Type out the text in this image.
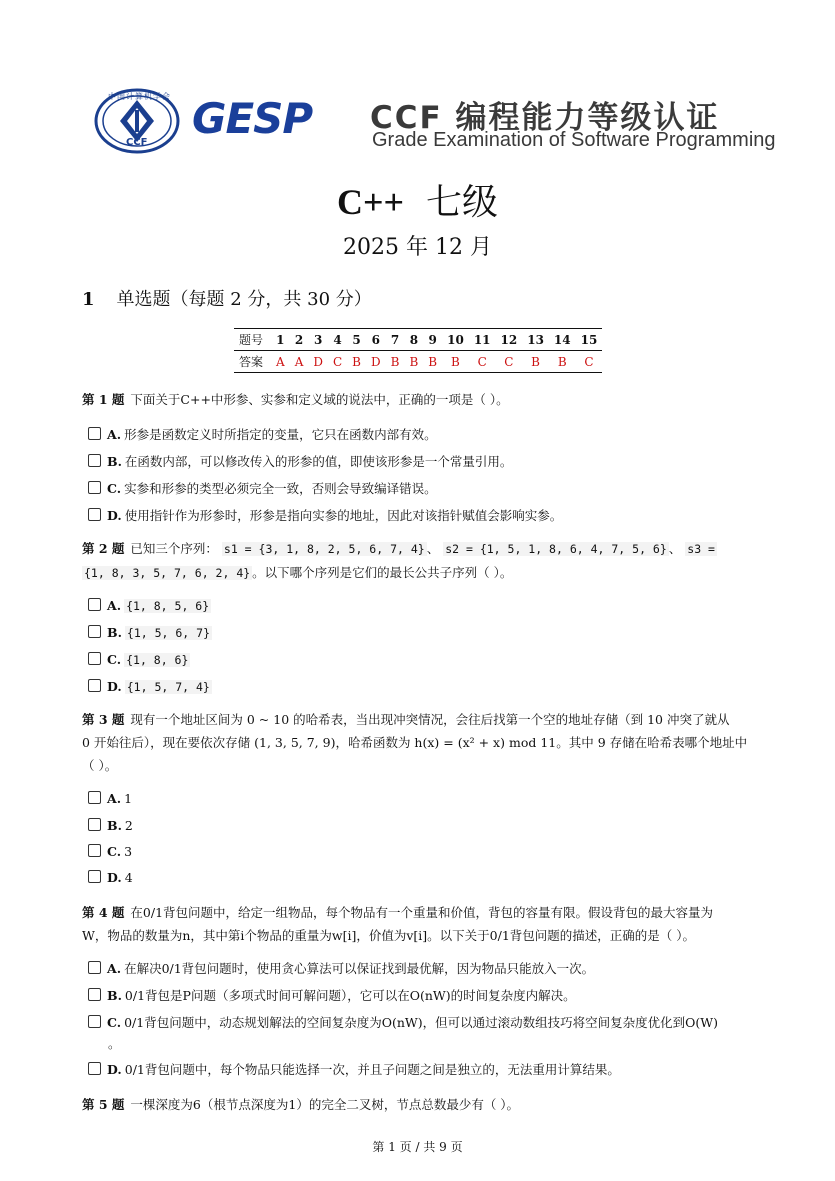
中国计算机学会
CCF GESP	CCF 编程能力等级认证
Grade Examination of Software Programming
C++ 七级
2025 年 12 月
1 单选题（每题 2 分，共 30 分）
题号	1	2	3	4	5	6	7	8	9	10	11	12	13	14	15
答案	A	A	D	C	B	D	B	B	B	B	C	C	B	B	C
第 1 题 下面关于C++中形参、实参和定义域的说法中，正确的一项是（ ）。
A. 形参是函数定义时所指定的变量，它只在函数内部有效。
B. 在函数内部，可以修改传入的形参的值，即使该形参是一个常量引用。
C. 实参和形参的类型必须完全一致，否则会导致编译错误。
D. 使用指针作为形参时，形参是指向实参的地址，因此对该指针赋值会影响实参。
第 2 题 已知三个序列： s1 = {3, 1, 8, 2, 5, 6, 7, 4} 、 s2 = {1, 5, 1, 8, 6, 4, 7, 5, 6} 、 s3 =
{1, 8, 3, 5, 7, 6, 2, 4} 。以下哪个序列是它们的最长公共子序列（ ）。
A. {1, 8, 5, 6}
B. {1, 5, 6, 7}
C. {1, 8, 6}
D. {1, 5, 7, 4}
第 3 题 现有一个地址区间为 0 ~ 10 的哈希表，当出现冲突情况，会往后找第一个空的地址存储（到 10 冲突了就从
0 开始往后），现在要依次存储 (1, 3, 5, 7, 9)，哈希函数为 h(x) = (x² + x) mod 11。其中 9 存储在哈希表哪个地址中
（ ）。
A. 1
B. 2
C. 3
D. 4
第 4 题 在0/1背包问题中，给定一组物品，每个物品有一个重量和价值，背包的容量有限。假设背包的最大容量为
W，物品的数量为n，其中第i个物品的重量为w[i]，价值为v[i]。以下关于0/1背包问题的描述，正确的是（ ）。
A. 在解决0/1背包问题时，使用贪心算法可以保证找到最优解，因为物品只能放入一次。
B. 0/1背包是P问题（多项式时间可解问题），它可以在O(nW)的时间复杂度内解决。
C. 0/1背包问题中，动态规划解法的空间复杂度为O(nW)，但可以通过滚动数组技巧将空间复杂度优化到O(W)
。
D. 0/1背包问题中，每个物品只能选择一次，并且子问题之间是独立的，无法重用计算结果。
第 5 题 一棵深度为6（根节点深度为1）的完全二叉树，节点总数最少有（ ）。
第 1 页 / 共 9 页
